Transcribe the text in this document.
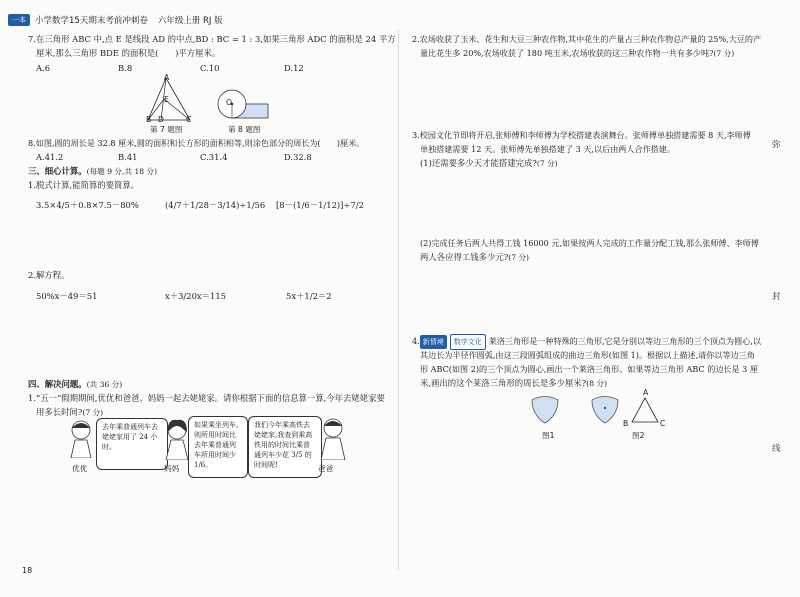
一本	小学数学15天期末考前冲刺卷 六年级上册 RJ 版
7.在三角形 ABC 中,点 E 是线段 AD 的中点,BD : BC = 1 : 3,如果三角形 ADC 的面积是 24 平方
厘米,那么三角形 BDE 的面积是(　　)平方厘米。
A.6	B.8	C.10	D.12
A
E
B D	C
O
第 7 题图	第 8 题图
8.如图,圆的周长是 32.8 厘米,圆的面积和长方形的面积相等,则涂色部分的周长为(　　)厘米。
A.41.2	B.41	C.31.4	D.32.8
三、细心计算。(每题 9 分,共 18 分)
1.脱式计算,能简算的要简算。
3.5×4/5＋0.8×7.5－80%	(4/7＋1/28－3/14)÷1/56 [8－(1/6－1/12)]÷7/2
2.解方程。
50%x－49＝51	x＋3/20x＝115	5x＋1/2＝2
四、解决问题。(共 36 分)
1.“五一”假期期间,优优和爸爸、妈妈一起去姥姥家。请你根据下面的信息算一算,今年去姥姥家要
用多长时间?(7 分)
去年乘普通列车去姥姥家用了 24 小时。
如果乘坐列车,则所用时间比去年乘普通列车所用时间少 1/6。
我们今年乘高铁去姥姥家,我查到乘高铁用的时间比乘普通列车少花 3/5 的时间呢!
优优	妈妈	爸爸
18
2.农场收获了玉米、花生和大豆三种农作物,其中花生的产量占三种农作物总产量的 25%,大豆的产
量比花生多 20%,农场收获了 180 吨玉米,农场收获的这三种农作物一共有多少吨?(7 分)
3.校园文化节即将开启,张师傅和李师傅为学校搭建表演舞台。张师傅单独搭建需要 8 天,李师傅
单独搭建需要 12 天。张师傅先单独搭建了 3 天,以后由两人合作搭建。
(1)还需要多少天才能搭建完成?(7 分)
(2)完成任务后两人共得工钱 16000 元,如果按两人完成的工作量分配工钱,那么张师傅、李师傅
两人各应得工钱多少元?(7 分)
4. 新情境 数学文化 莱洛三角形是一种特殊的三角形,它是分别以等边三角形的三个顶点为圆心,以
其边长为半径作圆弧,由这三段圆弧组成的曲边三角形(如图 1)。根据以上描述,请你以等边三角
形 ABC(如图 2)的三个顶点为圆心,画出一个莱洛三角形。如果等边三角形 ABC 的边长是 3 厘
米,画出的这个莱洛三角形的周长是多少厘米?(8 分)
A
B	C
图1	图2
弥
封
线
